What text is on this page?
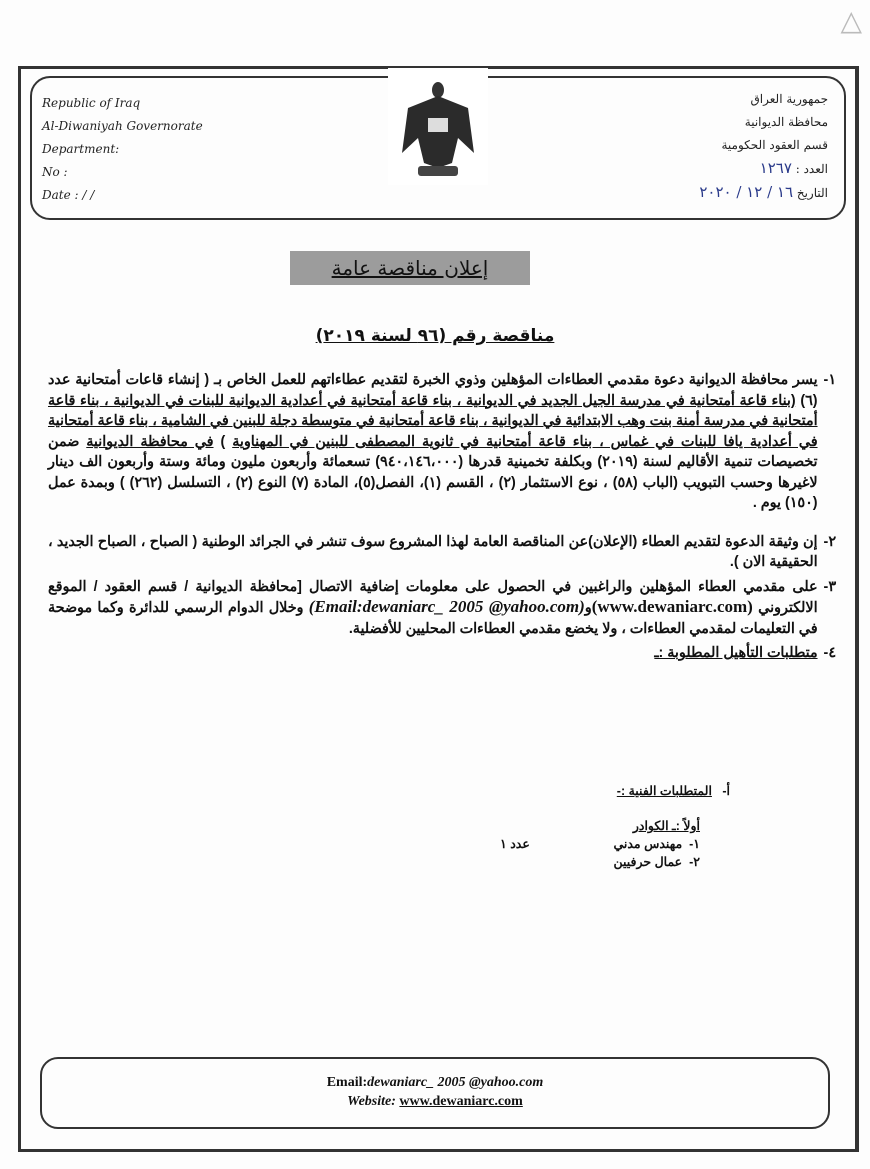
△
Republic of Iraq
Al-Diwaniyah Governorate
Department:
No :
Date : / /
جمهورية العراق
محافظة الديوانية
قسم العقود الحكومية
العدد : ١٢٦٧
التاريخ ١٦ / ١٢ / ٢٠٢٠
إعلان مناقصة عامة
مناقصة رقم (٩٦ لسنة ٢٠١٩)
١-
يسر محافظة الديوانية دعوة مقدمي العطاءات المؤهلين وذوي الخبرة لتقديم عطاءاتهم للعمل الخاص بـ ( إنشاء قاعات أمتحانية عدد (٦) (بناء قاعة أمتحانية في مدرسة الجيل الجديد في الديوانية ، بناء قاعة أمتحانية في أعدادية الديوانية للبنات في الديوانية ، بناء قاعة أمتحانية في مدرسة أمنة بنت وهب الابتدائية في الديوانية ، بناء قاعة أمتحانية في متوسطة دجلة للبنين في الشامية ، بناء قاعة أمتحانية في أعدادية يافا للبنات في غماس ، بناء قاعة أمتحانية في ثانوية المصطفى للبنين في المهناوية ) في محافظة الديوانية ضمن تخصيصات تنمية الأقاليم لسنة (٢٠١٩) وبكلفة تخمينية قدرها (٩٤٠،١٤٦،٠٠٠) تسعمائة وأربعون مليون ومائة وستة وأربعون الف دينار لاغيرها وحسب التبويب (الباب (٥٨) ، نوع الاستثمار (٢) ، القسم (١)، الفصل(٥)، المادة (٧) النوع (٢) ، التسلسل (٢٦٢) ) وبمدة عمل (١٥٠) يوم .
٢-
إن وثيقة الدعوة لتقديم العطاء (الإعلان)عن المناقصة العامة لهذا المشروع سوف تنشر في الجرائد الوطنية ( الصباح ، الصباح الجديد ، الحقيقية الان ).
٣-
على مقدمي العطاء المؤهلين والراغبين في الحصول على معلومات إضافية الاتصال [محافظة الديوانية / قسم العقود / الموقع الالكتروني (www.dewaniarc.com)و(Email:dewaniarc_ 2005 @yahoo.com) وخلال الدوام الرسمي للدائرة وكما موضحة في التعليمات لمقدمي العطاءات ، ولا يخضع مقدمي العطاءات المحليين للأفضلية.
٤-
متطلبات التأهيل المطلوبة :ـ
أ-   المتطلبات الفنية :-
أولاً :ـ الكوادر
١-  مهندس مدني
عدد ١
٢-  عمال حرفيين
Email:dewaniarc_ 2005 @yahoo.com
Website: www.dewaniarc.com
